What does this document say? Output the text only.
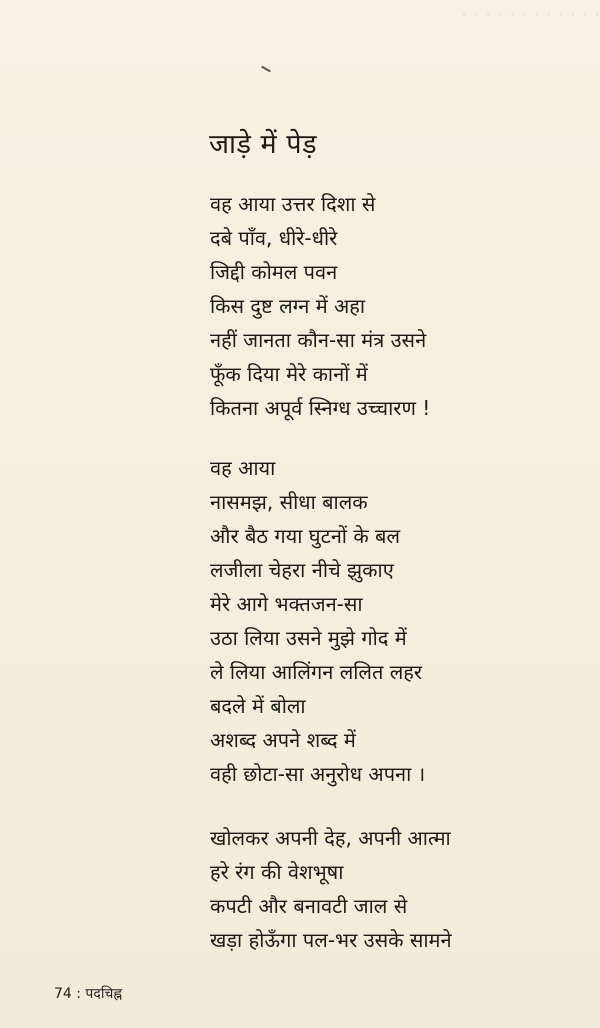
· · · · · · · · · · · ·
जाड़े में पेड़
वह आया उत्तर दिशा से
दबे पाँव, धीरे-धीरे
जिद्दी कोमल पवन
किस दुष्ट लग्न में अहा
नहीं जानता कौन-सा मंत्र उसने
फूँक दिया मेरे कानों में
कितना अपूर्व स्निग्ध उच्चारण !
वह आया
नासमझ, सीधा बालक
और बैठ गया घुटनों के बल
लजीला चेहरा नीचे झुकाए
मेरे आगे भक्तजन-सा
उठा लिया उसने मुझे गोद में
ले लिया आलिंगन ललित लहर
बदले में बोला
अशब्द अपने शब्द में
वही छोटा-सा अनुरोध अपना ।
खोलकर अपनी देह, अपनी आत्मा
हरे रंग की वेशभूषा
कपटी और बनावटी जाल से
खड़ा होऊँगा पल-भर उसके सामने
74 : पदचिह्न
